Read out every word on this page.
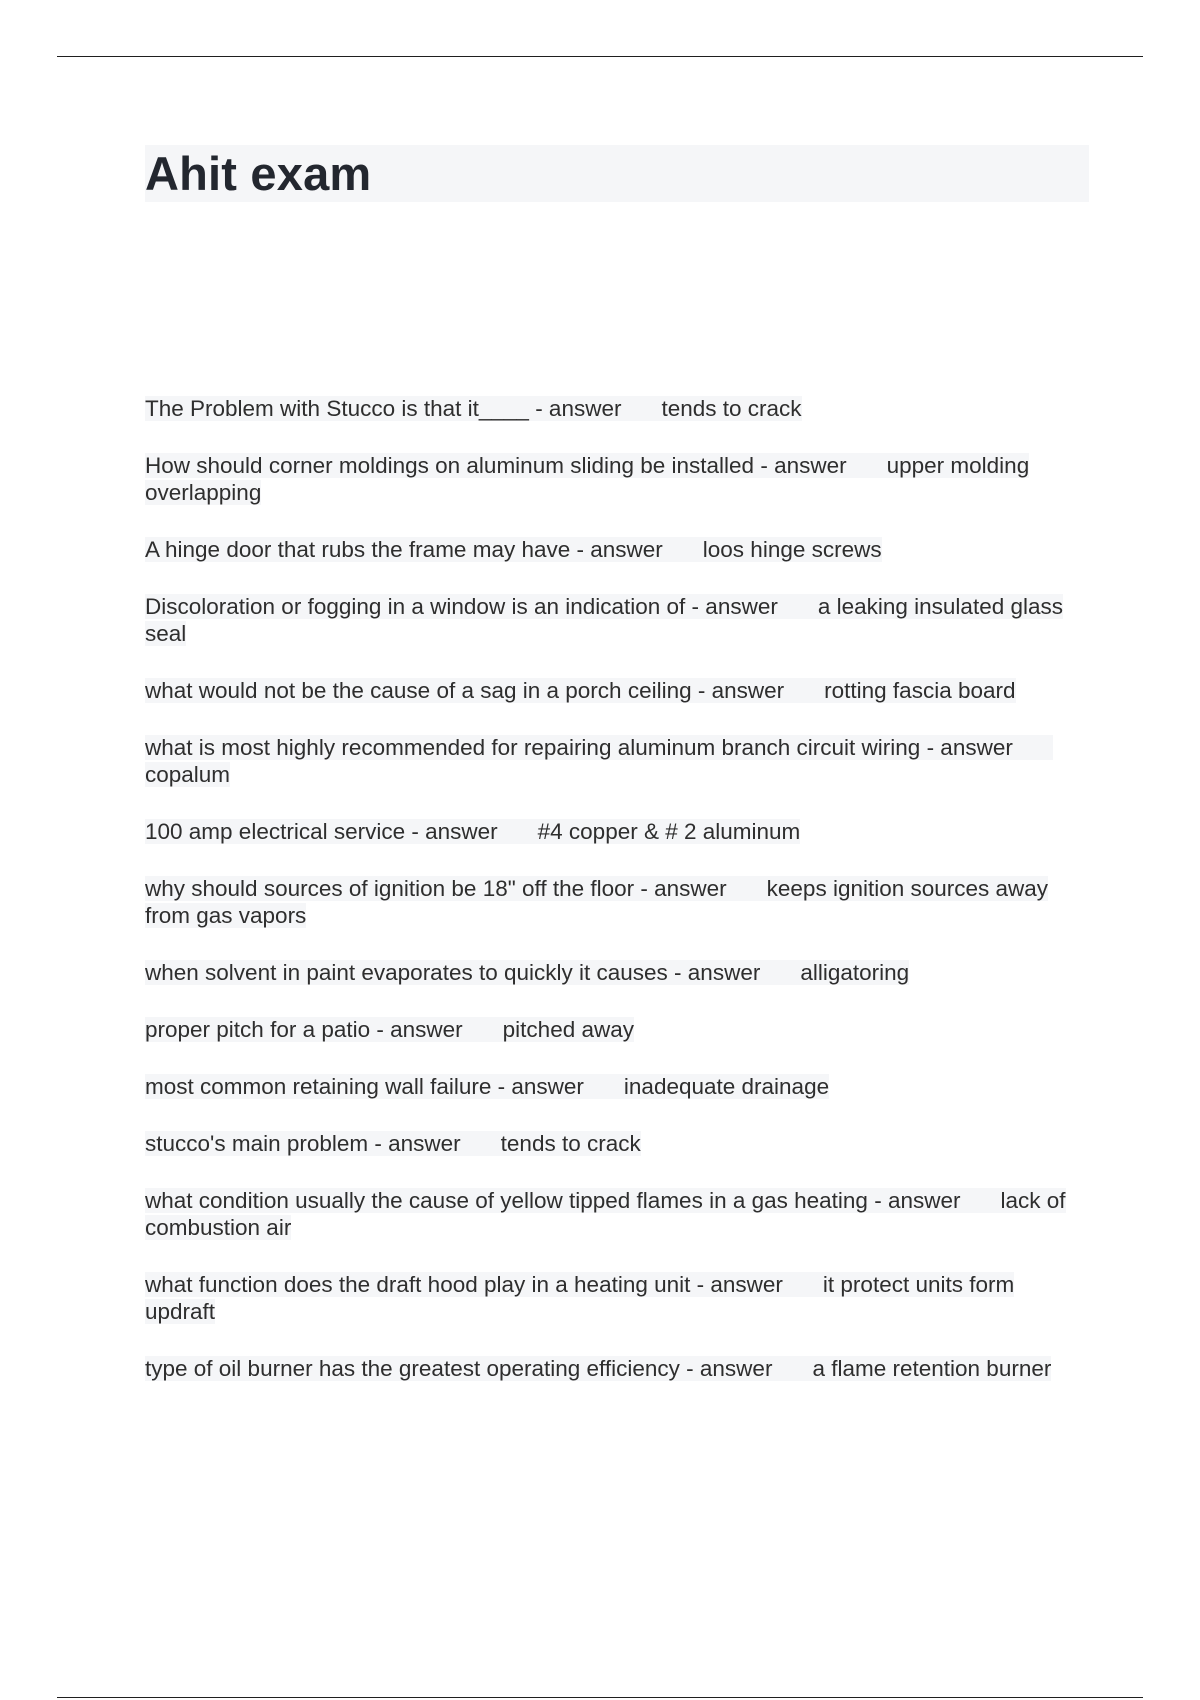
Ahit exam
The Problem with Stucco is that it____ - answer tends to crack
How should corner moldings on aluminum sliding be installed - answer upper molding overlapping
A hinge door that rubs the frame may have - answer loos hinge screws
Discoloration or fogging in a window is an indication of - answer a leaking insulated glass seal
what would not be the cause of a sag in a porch ceiling - answer rotting fascia board
what is most highly recommended for repairing aluminum branch circuit wiring - answercopalum
100 amp electrical service - answer #4 copper & # 2 aluminum
why should sources of ignition be 18" off the floor - answer keeps ignition sources away from gas vapors
when solvent in paint evaporates to quickly it causes - answer alligatoring
proper pitch for a patio - answer pitched away
most common retaining wall failure - answer inadequate drainage
stucco's main problem - answer tends to crack
what condition usually the cause of yellow tipped flames in a gas heating - answer lack of combustion air
what function does the draft hood play in a heating unit - answer it protect units form updraft
type of oil burner has the greatest operating efficiency - answer a flame retention burner
